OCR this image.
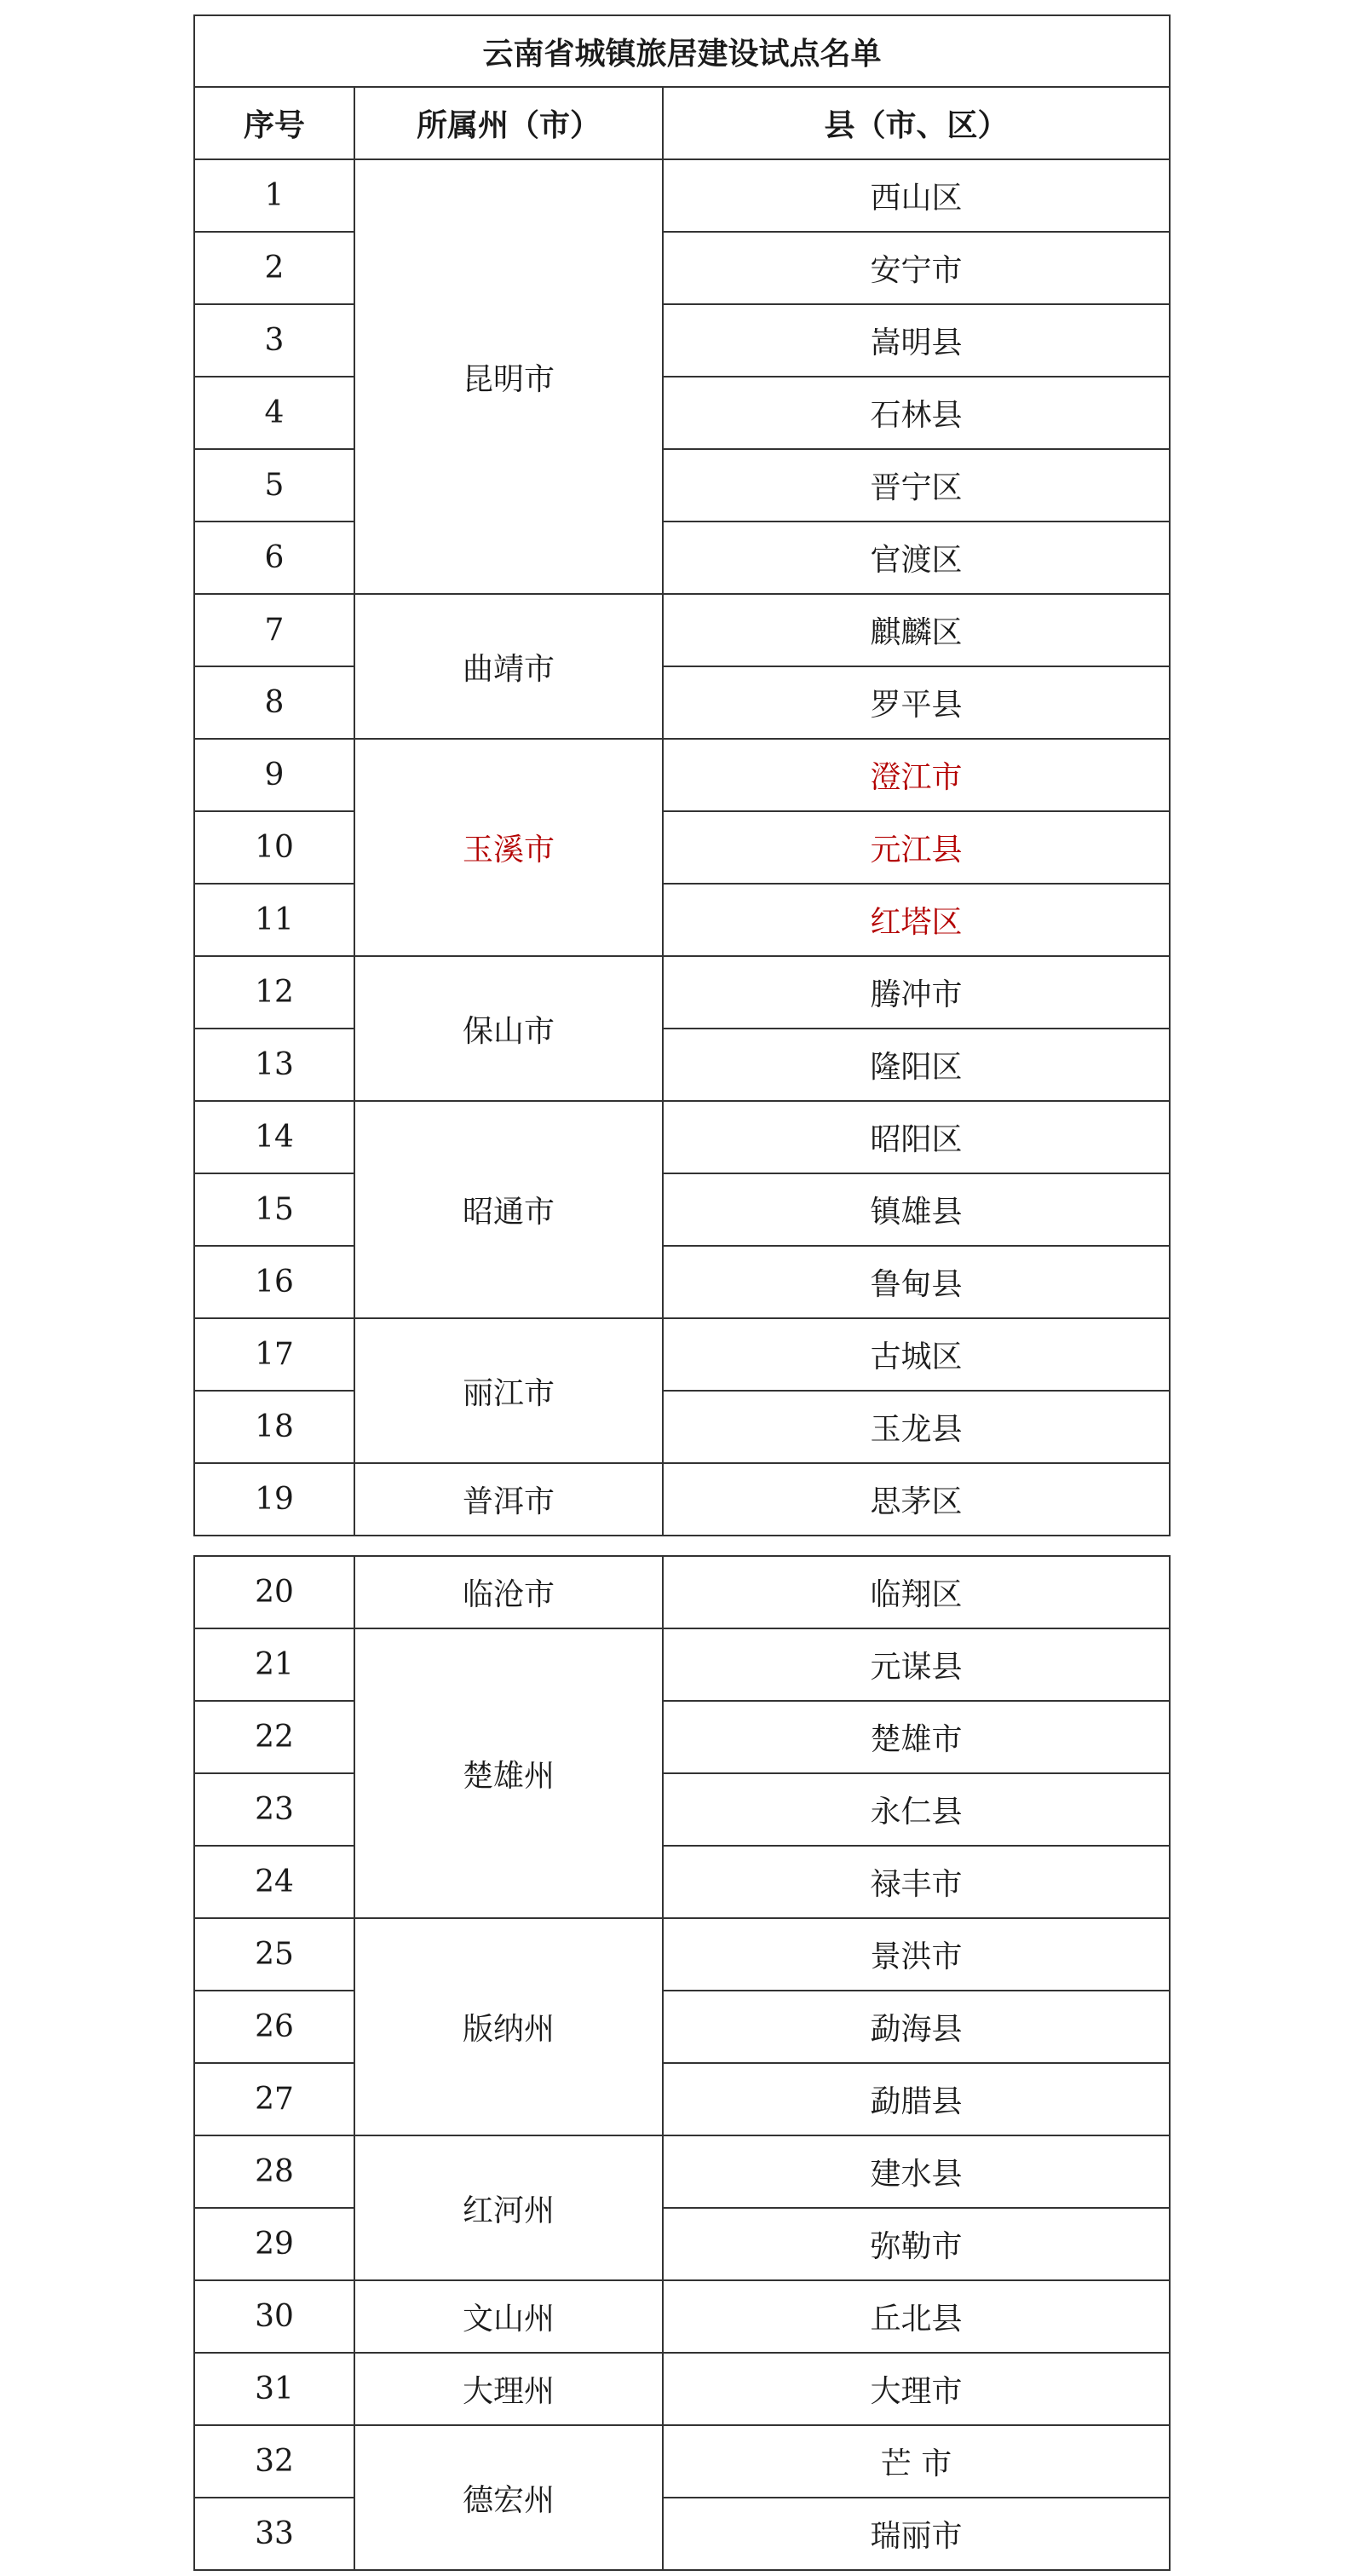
云南省城镇旅居建设试点名单		
序号	所属州（市）	县（市、区）
1	昆明市	西山区
2		安宁市
3		嵩明县
4		石林县
5		晋宁区
6		官渡区
7	曲靖市	麒麟区
8		罗平县
9	玉溪市	澄江市
10		元江县
11		红塔区
12	保山市	腾冲市
13		隆阳区
14	昭通市	昭阳区
15		镇雄县
16		鲁甸县
17	丽江市	古城区
18		玉龙县
19	普洱市	思茅区
20	临沧市	临翔区
21	楚雄州	元谋县
22		楚雄市
23		永仁县
24		禄丰市
25	版纳州	景洪市
26		勐海县
27		勐腊县
28	红河州	建水县
29		弥勒市
30	文山州	丘北县
31	大理州	大理市
32	德宏州	芒 市
33		瑞丽市
